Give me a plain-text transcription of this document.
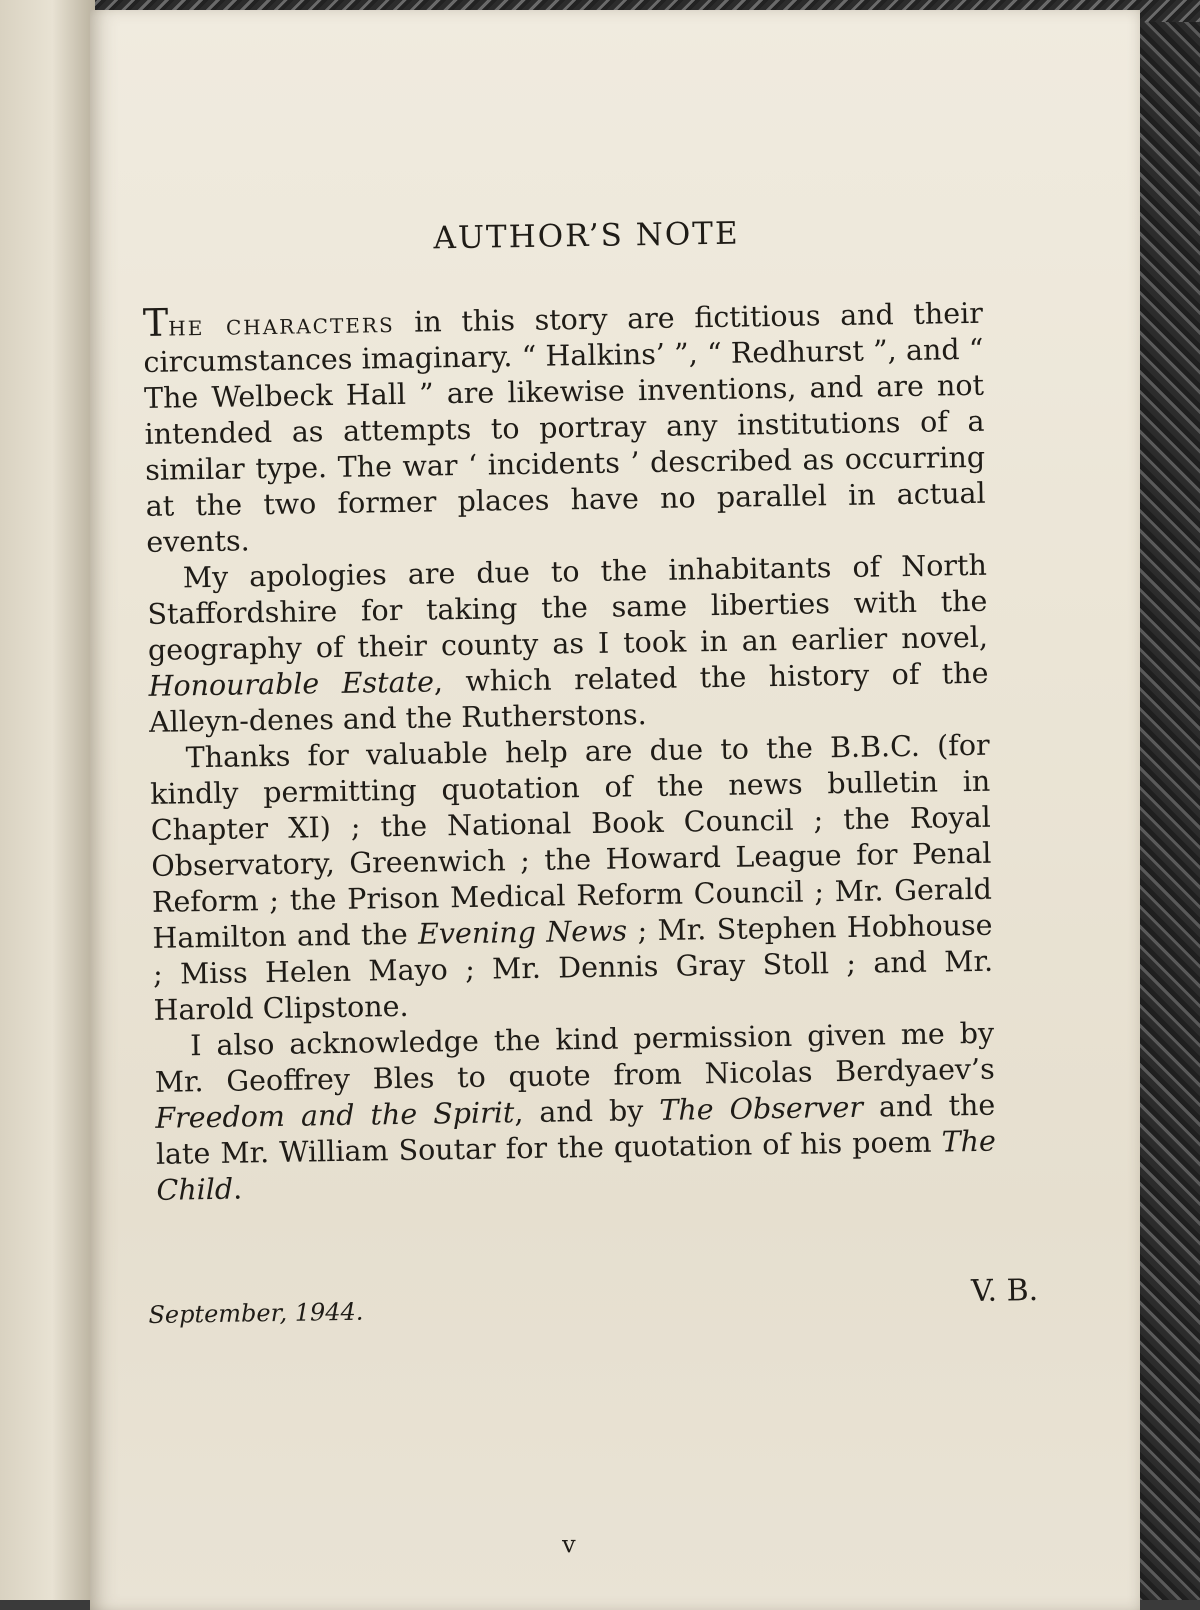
AUTHOR’S NOTE

The characters in this story are fictitious and their circumstances imaginary. “ Halkins’ ”, “ Redhurst ”, and “ The Welbeck Hall ” are likewise inventions, and are not intended as attempts to portray any institutions of a similar type. The war ‘ incidents ’ described as occurring at the two former places have no parallel in actual events.

My apologies are due to the inhabitants of North Staffordshire for taking the same liberties with the geography of their county as I took in an earlier novel, Honourable Estate, which related the history of the Alleyn-denes and the Rutherstons.

Thanks for valuable help are due to the B.B.C. (for kindly permitting quotation of the news bulletin in Chapter XI) ; the National Book Council ; the Royal Observatory, Greenwich ; the Howard League for Penal Reform ; the Prison Medical Reform Council ; Mr. Gerald Hamilton and the Evening News ; Mr. Stephen Hobhouse ; Miss Helen Mayo ; Mr. Dennis Gray Stoll ; and Mr. Harold Clipstone.

I also acknowledge the kind permission given me by Mr. Geoffrey Bles to quote from Nicolas Berdyaev’s Freedom and the Spirit, and by The Observer and the late Mr. William Soutar for the quotation of his poem The Child.

September, 1944.
V. B.
v
